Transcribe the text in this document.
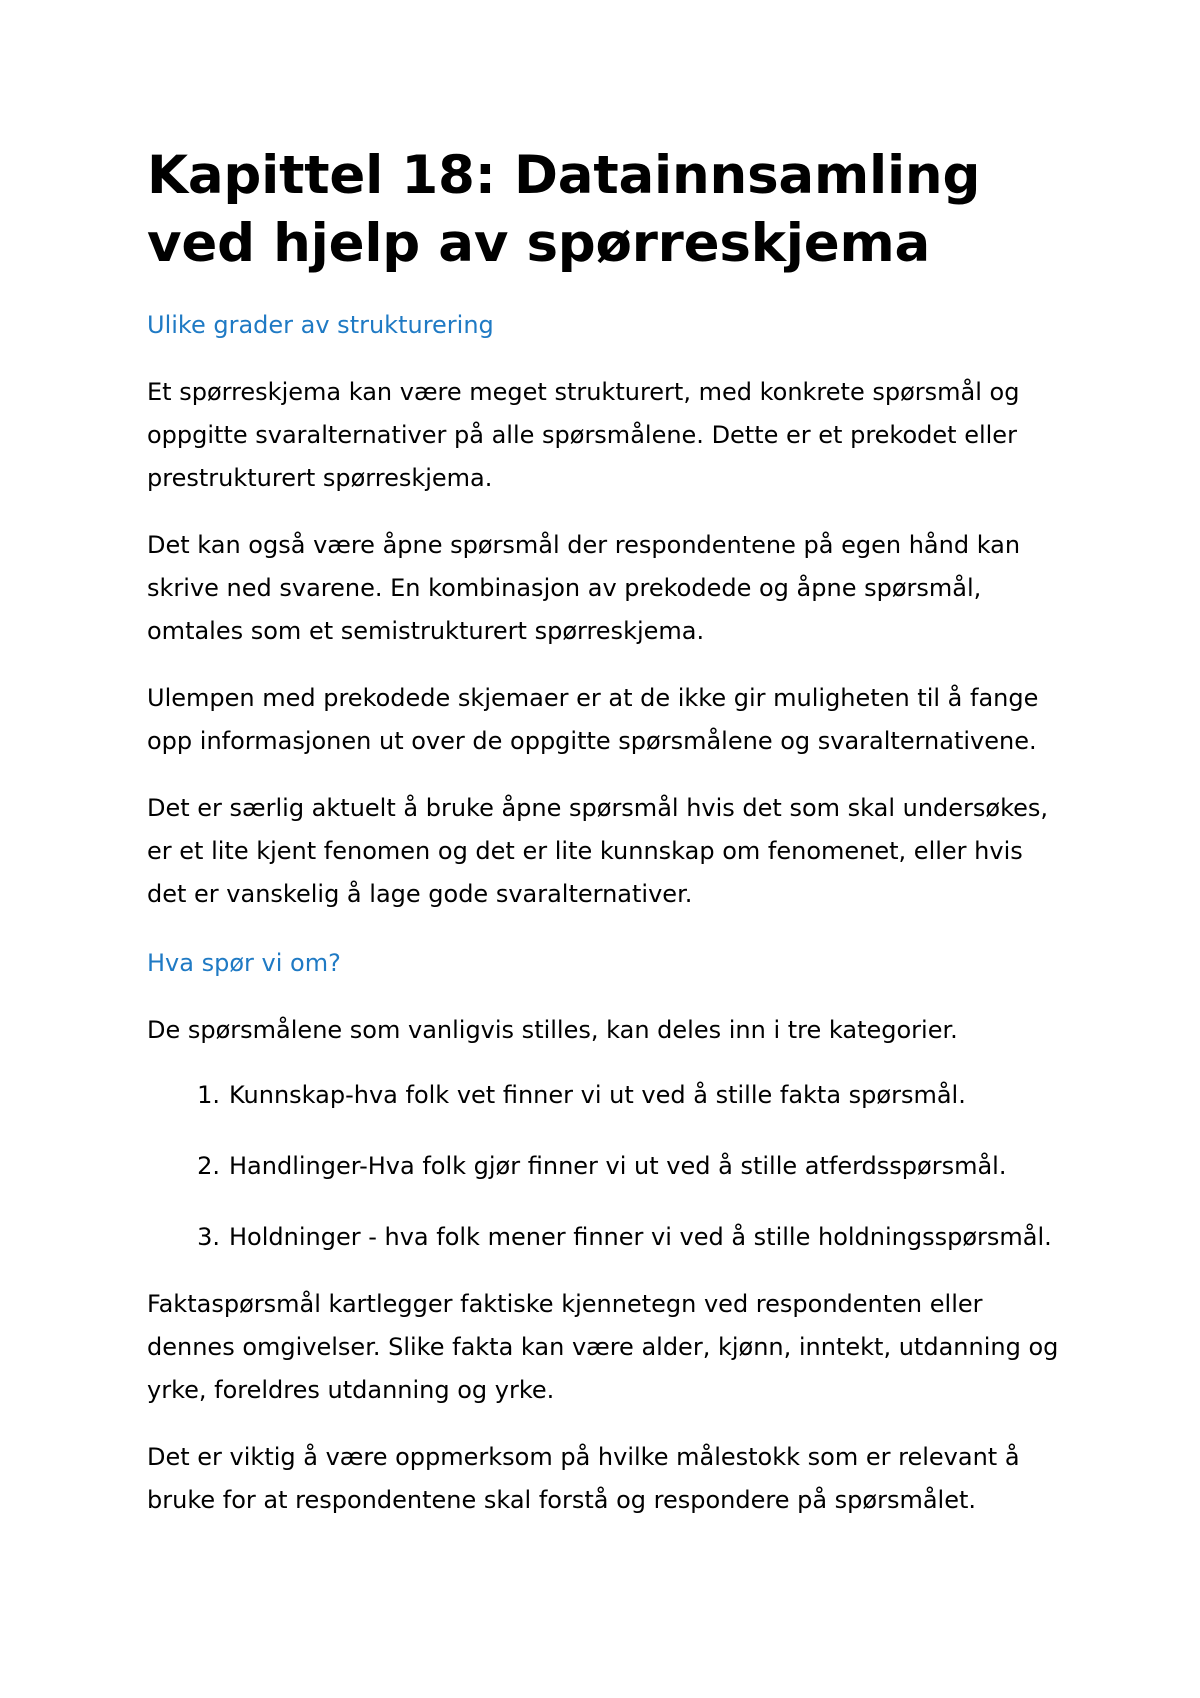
Kapittel 18: Datainnsamling
ved hjelp av spørreskjema
Ulike grader av strukturering

Et spørreskjema kan være meget strukturert, med konkrete spørsmål og oppgitte svaralternativer på alle spørsmålene. Dette er et prekodet eller prestrukturert spørreskjema.

Det kan også være åpne spørsmål der respondentene på egen hånd kan skrive ned svarene. En kombinasjon av prekodede og åpne spørsmål, omtales som et semistrukturert spørreskjema.

Ulempen med prekodede skjemaer er at de ikke gir muligheten til å fange opp informasjonen ut over de oppgitte spørsmålene og svaralternativene.

Det er særlig aktuelt å bruke åpne spørsmål hvis det som skal undersøkes, er et lite kjent fenomen og det er lite kunnskap om fenomenet, eller hvis det er vanskelig å lage gode svaralternativer.

Hva spør vi om?

De spørsmålene som vanligvis stilles, kan deles inn i tre kategorier.

1. Kunnskap-hva folk vet finner vi ut ved å stille fakta spørsmål.
2. Handlinger-Hva folk gjør finner vi ut ved å stille atferdsspørsmål.
3. Holdninger - hva folk mener finner vi ved å stille holdningsspørsmål.

Faktaspørsmål kartlegger faktiske kjennetegn ved respondenten eller dennes omgivelser. Slike fakta kan være alder, kjønn, inntekt, utdanning og yrke, foreldres utdanning og yrke.

Det er viktig å være oppmerksom på hvilke målestokk som er relevant å bruke for at respondentene skal forstå og respondere på spørsmålet.
